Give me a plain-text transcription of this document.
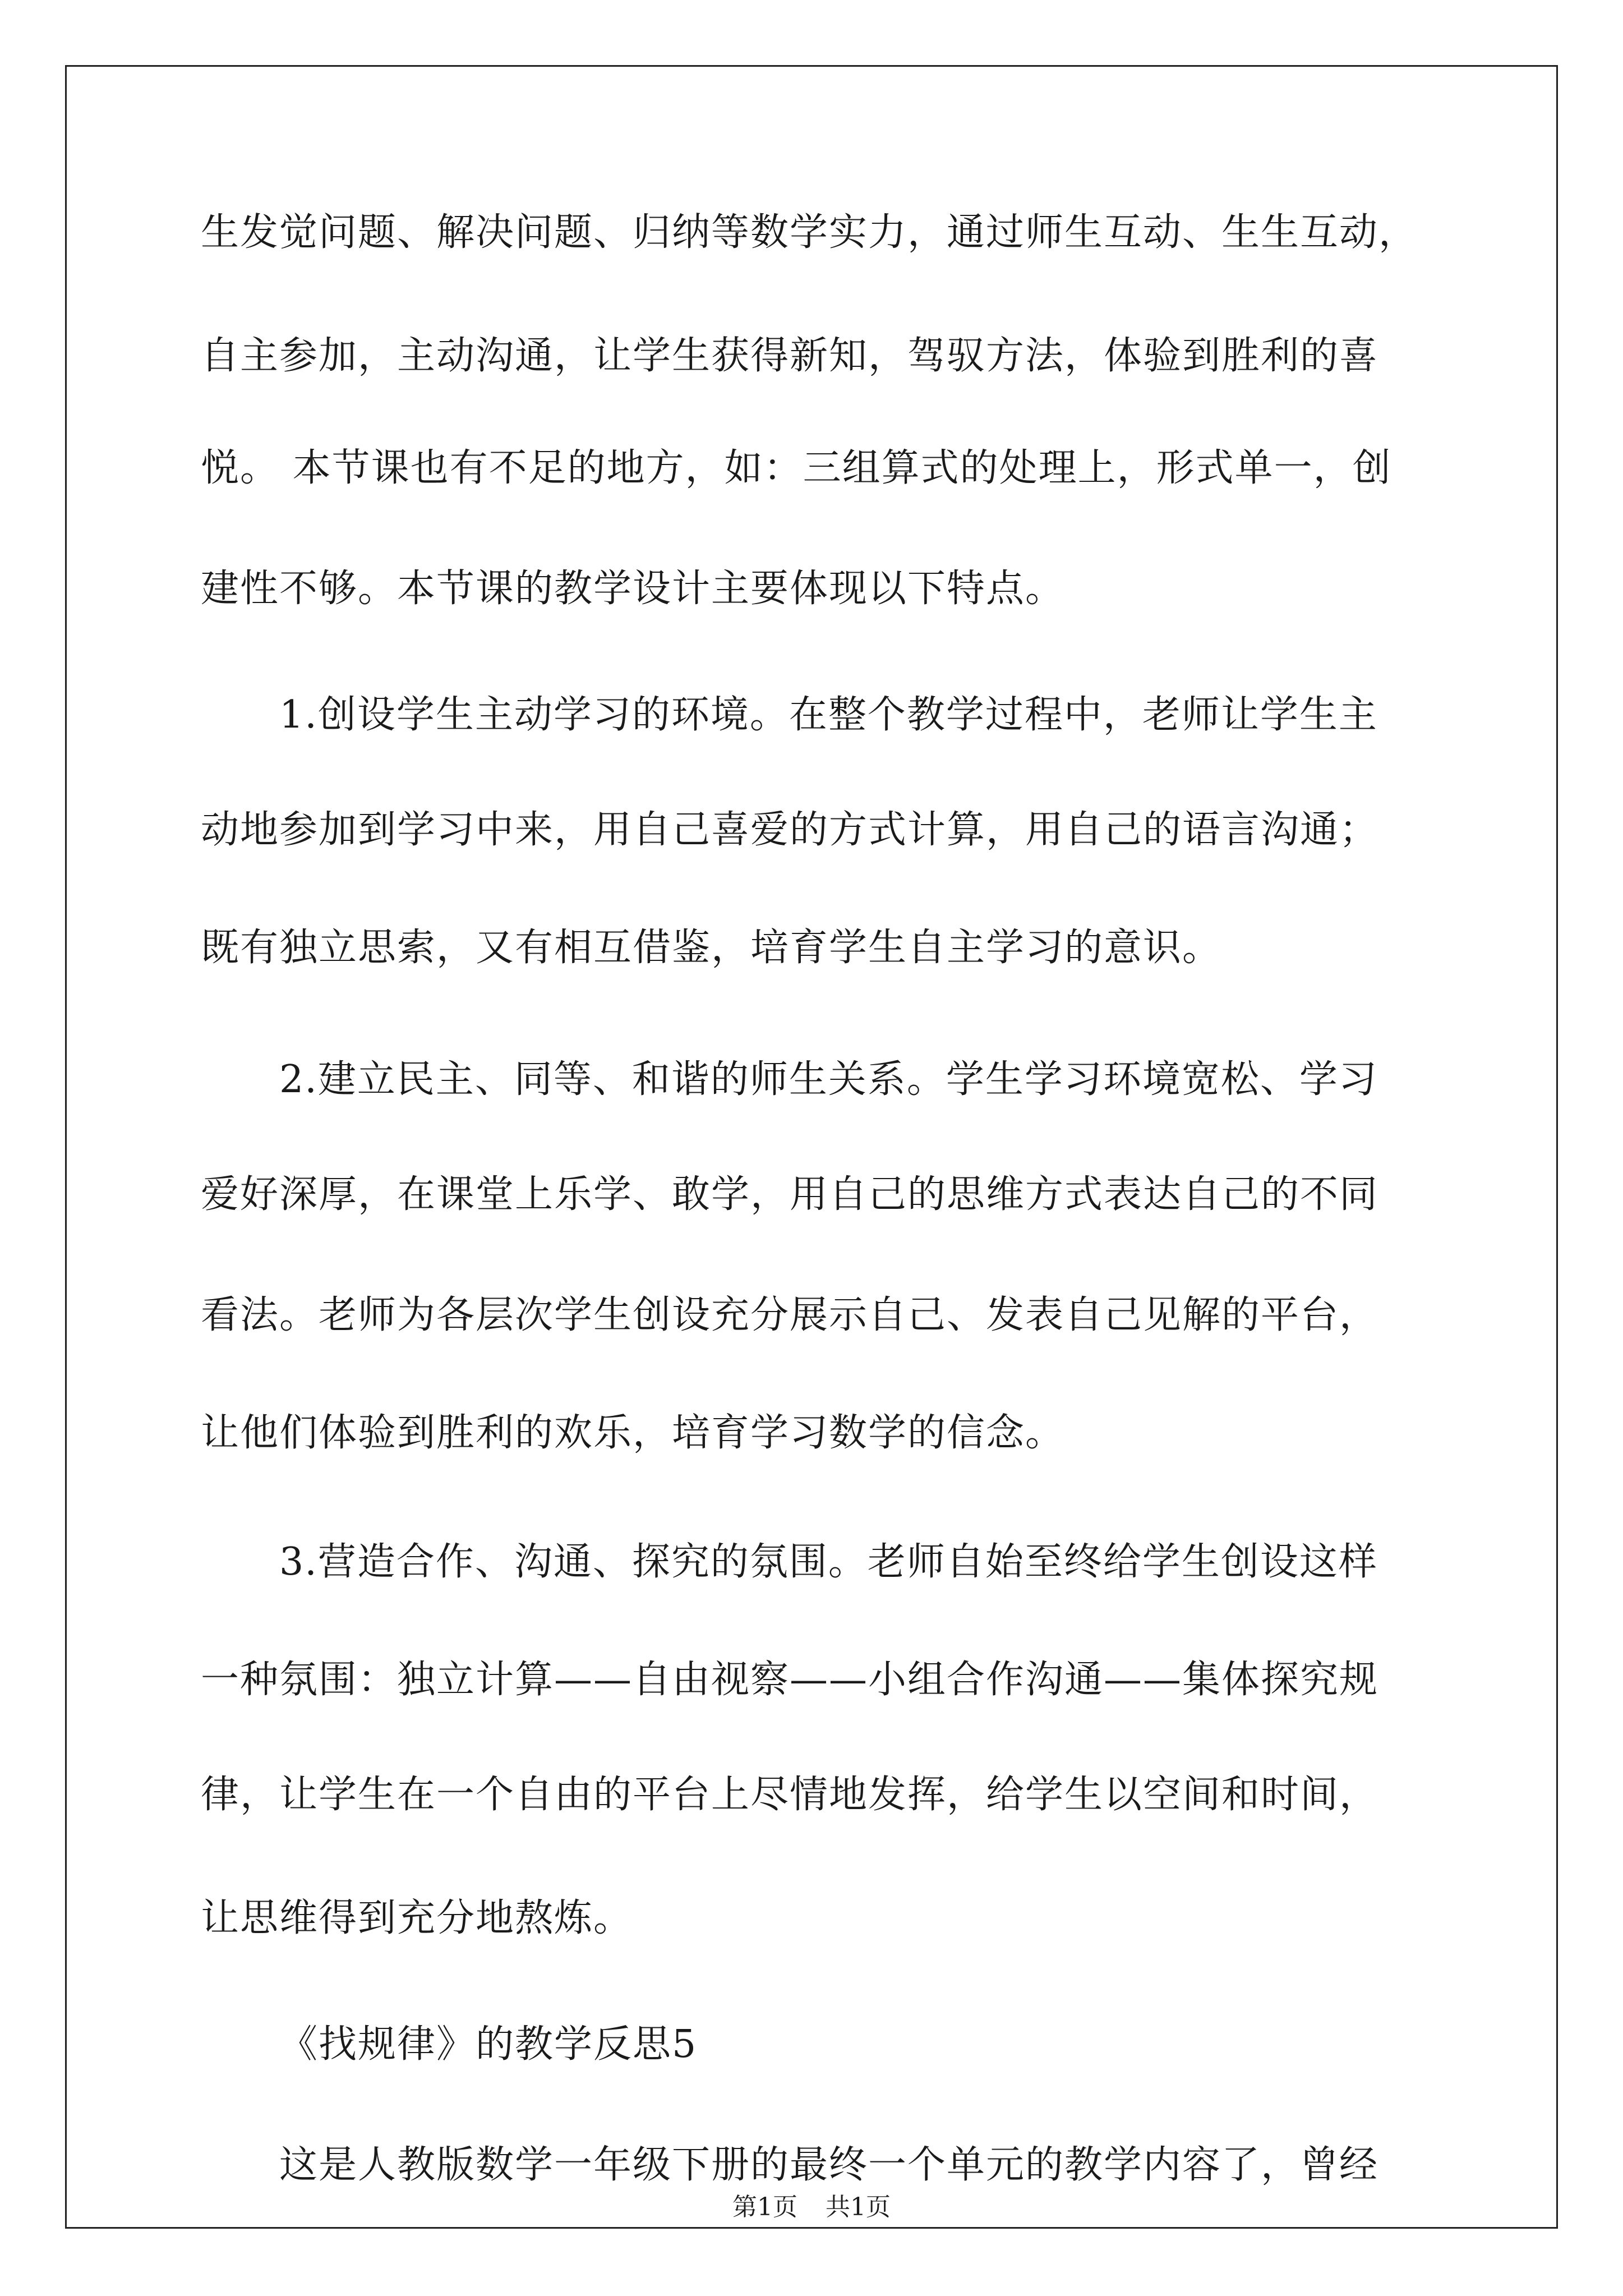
生发觉问题、解决问题、归纳等数学实力，通过师生互动、生生互动，
自主参加，主动沟通，让学生获得新知，驾驭方法，体验到胜利的喜
悦。 本节课也有不足的地方，如：三组算式的处理上，形式单一，创
建性不够。本节课的教学设计主要体现以下特点。
1.创设学生主动学习的环境。在整个教学过程中，老师让学生主
动地参加到学习中来，用自己喜爱的方式计算，用自己的语言沟通；
既有独立思索，又有相互借鉴，培育学生自主学习的意识。
2.建立民主、同等、和谐的师生关系。学生学习环境宽松、学习
爱好深厚，在课堂上乐学、敢学，用自己的思维方式表达自己的不同
看法。老师为各层次学生创设充分展示自己、发表自己见解的平台，
让他们体验到胜利的欢乐，培育学习数学的信念。
3.营造合作、沟通、探究的氛围。老师自始至终给学生创设这样
一种氛围：独立计算——自由视察——小组合作沟通——集体探究规
律，让学生在一个自由的平台上尽情地发挥，给学生以空间和时间，
让思维得到充分地熬炼。
《找规律》的教学反思5
这是人教版数学一年级下册的最终一个单元的教学内容了，曾经
第1页 共1页
